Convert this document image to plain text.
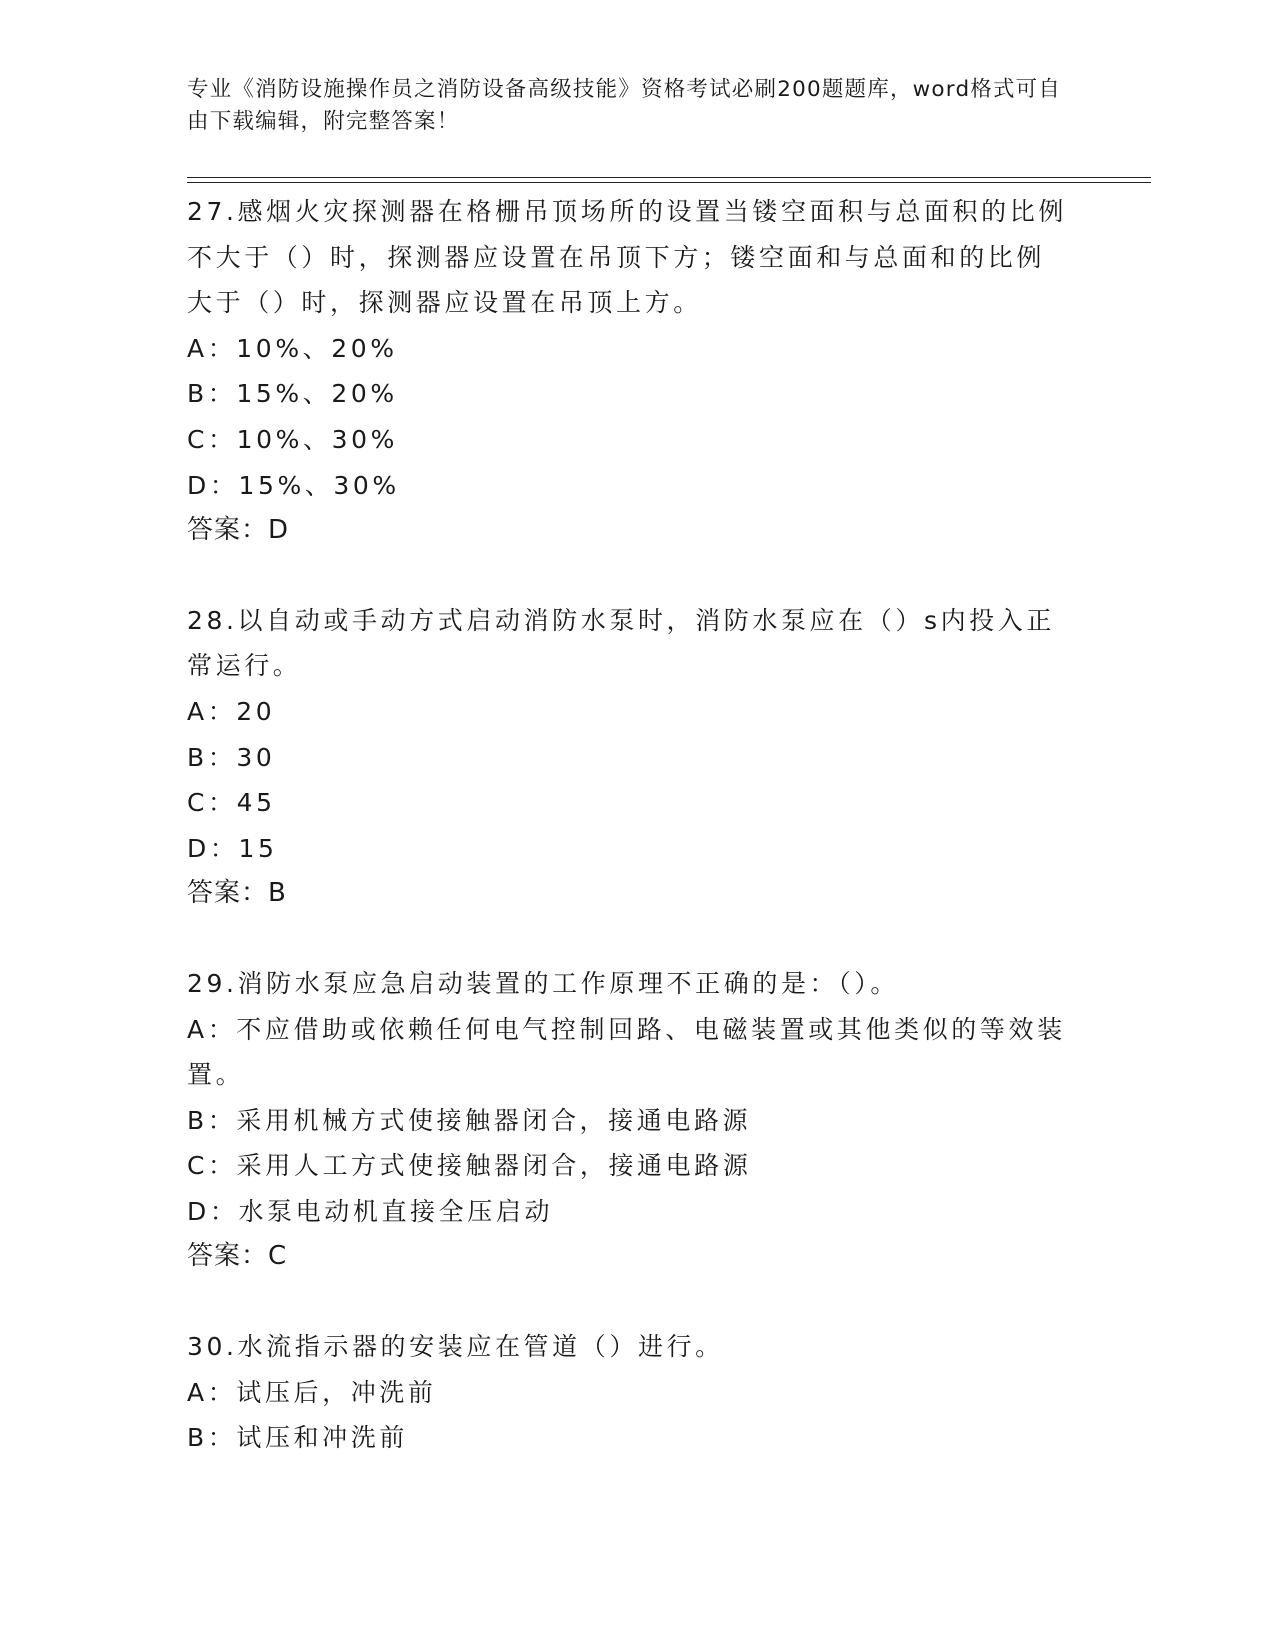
专业《消防设施操作员之消防设备高级技能》资格考试必刷200题题库，word格式可自由下载编辑，附完整答案！
27.感烟火灾探测器在格栅吊顶场所的设置当镂空面积与总面积的比例
不大于（）时，探测器应设置在吊顶下方；镂空面和与总面和的比例
大于（）时，探测器应设置在吊顶上方。
A：10%、20%
B：15%、20%
C：10%、30%
D：15%、30%
答案：D
28.以自动或手动方式启动消防水泵时，消防水泵应在（）s内投入正
常运行。
A：20
B：30
C：45
D：15
答案：B
29.消防水泵应急启动装置的工作原理不正确的是：（）。
A：不应借助或依赖任何电气控制回路、电磁装置或其他类似的等效装
置。
B：采用机械方式使接触器闭合，接通电路源
C：采用人工方式使接触器闭合，接通电路源
D：水泵电动机直接全压启动
答案：C
30.水流指示器的安装应在管道（）进行。
A：试压后，冲洗前
B：试压和冲洗前
